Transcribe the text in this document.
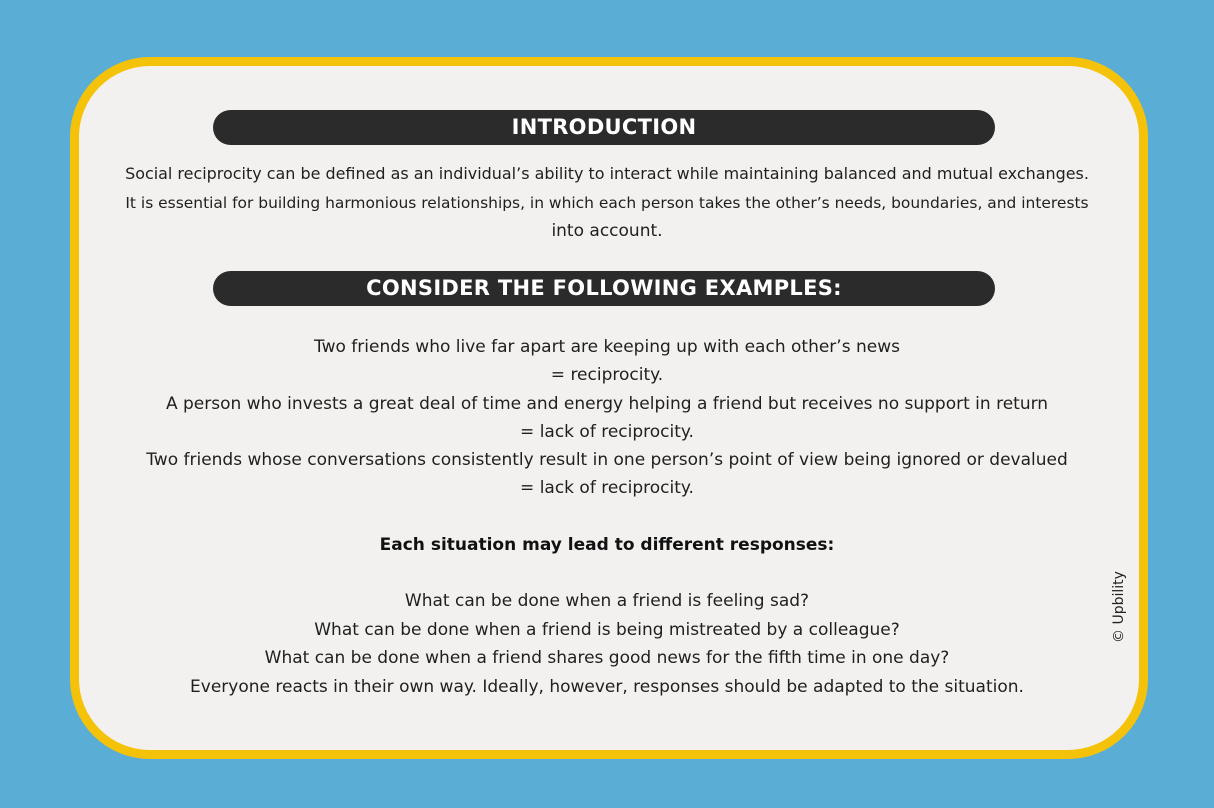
INTRODUCTION
Social reciprocity can be defined as an individual’s ability to interact while maintaining balanced and mutual exchanges.
It is essential for building harmonious relationships, in which each person takes the other’s needs, boundaries, and interests
into account.
CONSIDER THE FOLLOWING EXAMPLES:
Two friends who live far apart are keeping up with each other’s news
= reciprocity.
A person who invests a great deal of time and energy helping a friend but receives no support in return
= lack of reciprocity.
Two friends whose conversations consistently result in one person’s point of view being ignored or devalued
= lack of reciprocity.
Each situation may lead to different responses:
What can be done when a friend is feeling sad?
What can be done when a friend is being mistreated by a colleague?
What can be done when a friend shares good news for the fifth time in one day?
Everyone reacts in their own way. Ideally, however, responses should be adapted to the situation.
© Upbility
